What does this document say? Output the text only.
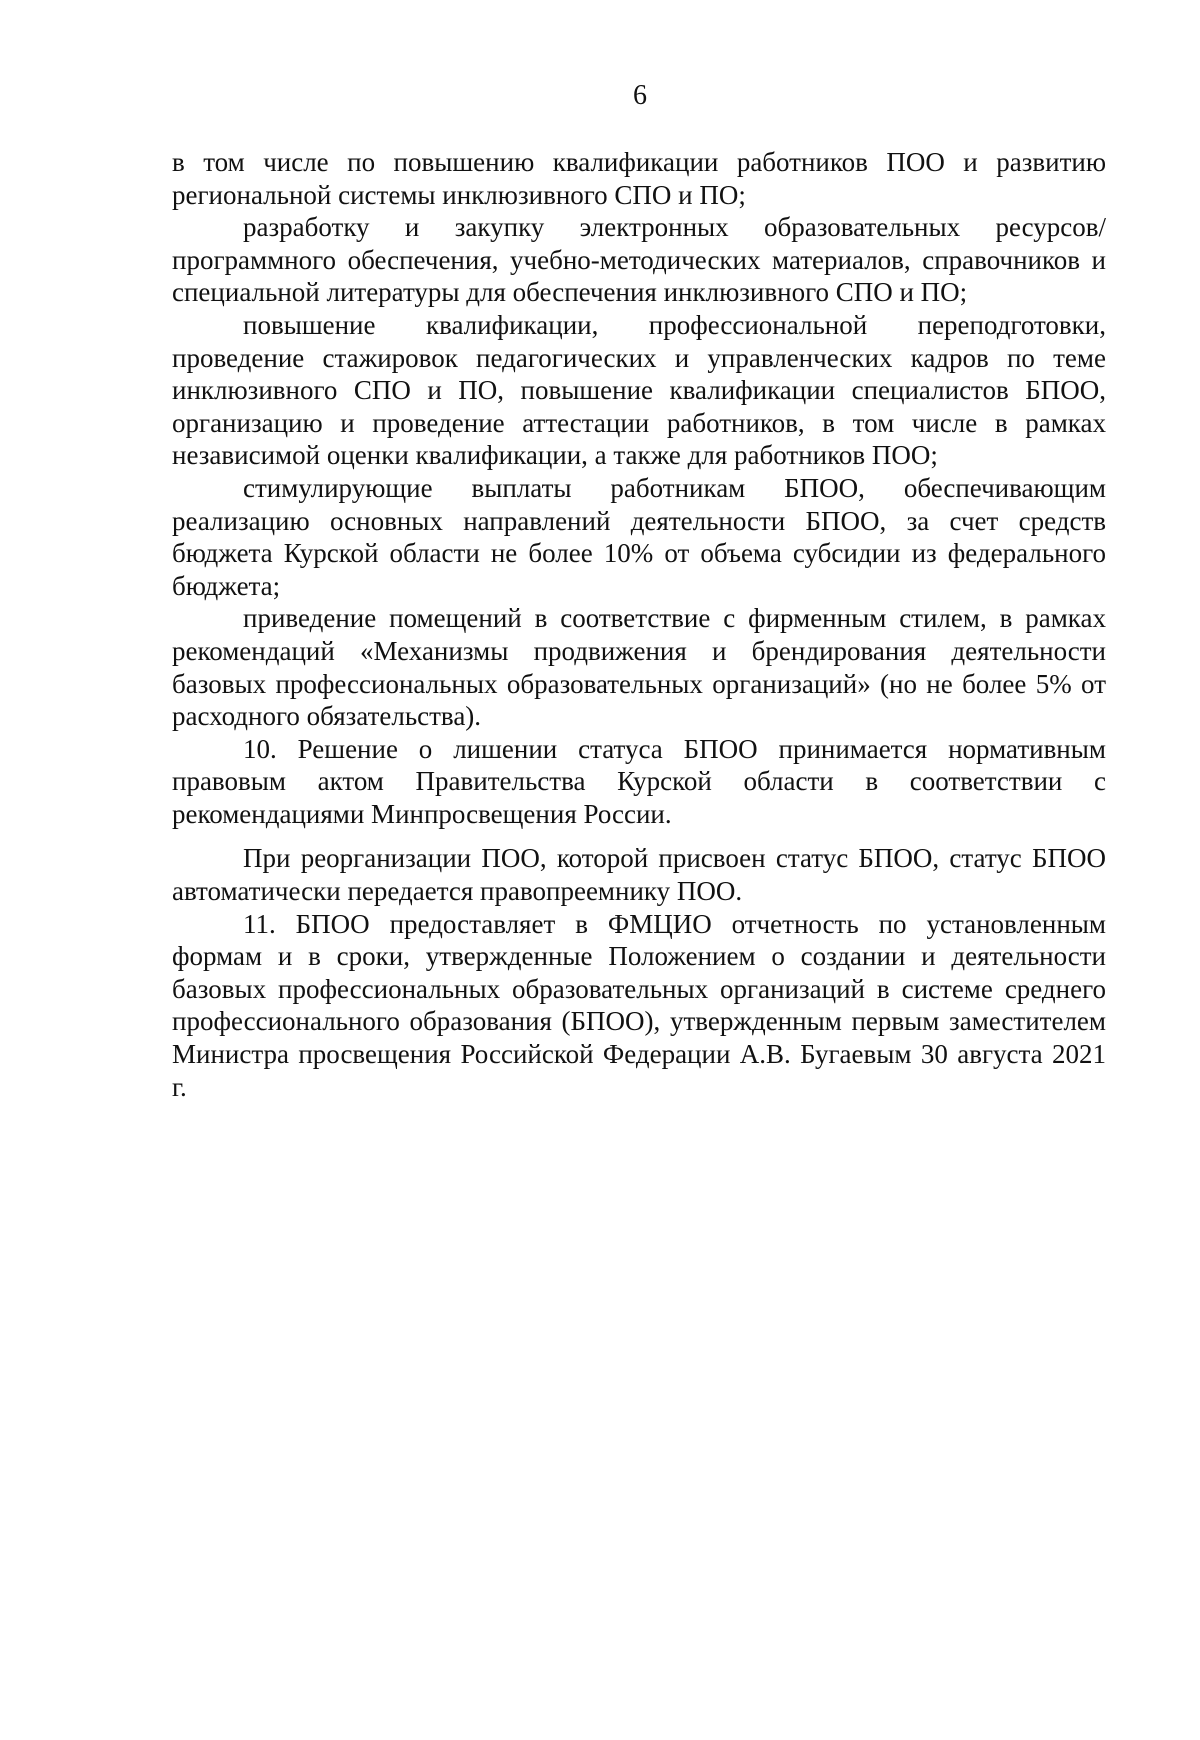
6

в том числе по повышению квалификации работников ПОО и развитию региональной системы инклюзивного СПО и ПО;

разработку и закупку электронных образовательных ресурсов/программного обеспечения, учебно-методических материалов, справочников и специальной литературы для обеспечения инклюзивного СПО и ПО;

повышение квалификации, профессиональной переподготовки, проведение стажировок педагогических и управленческих кадров по теме инклюзивного СПО и ПО, повышение квалификации специалистов БПОО, организацию и проведение аттестации работников, в том числе в рамках независимой оценки квалификации, а также для работников ПОО;

стимулирующие выплаты работникам БПОО, обеспечивающим реализацию основных направлений деятельности БПОО, за счет средств бюджета Курской области не более 10% от объема субсидии из федерального бюджета;

приведение помещений в соответствие с фирменным стилем, в рамках рекомендаций «Механизмы продвижения и брендирования деятельности базовых профессиональных образовательных организаций» (но не более 5% от расходного обязательства).

10. Решение о лишении статуса БПОО принимается нормативным правовым актом Правительства Курской области в соответствии с рекомендациями Минпросвещения России.

При реорганизации ПОО, которой присвоен статус БПОО, статус БПОО автоматически передается правопреемнику ПОО.

11. БПОО предоставляет в ФМЦИО отчетность по установленным формам и в сроки, утвержденные Положением о создании и деятельности базовых профессиональных образовательных организаций в системе среднего профессионального образования (БПОО), утвержденным первым заместителем Министра просвещения Российской Федерации А.В. Бугаевым 30 августа 2021 г.
